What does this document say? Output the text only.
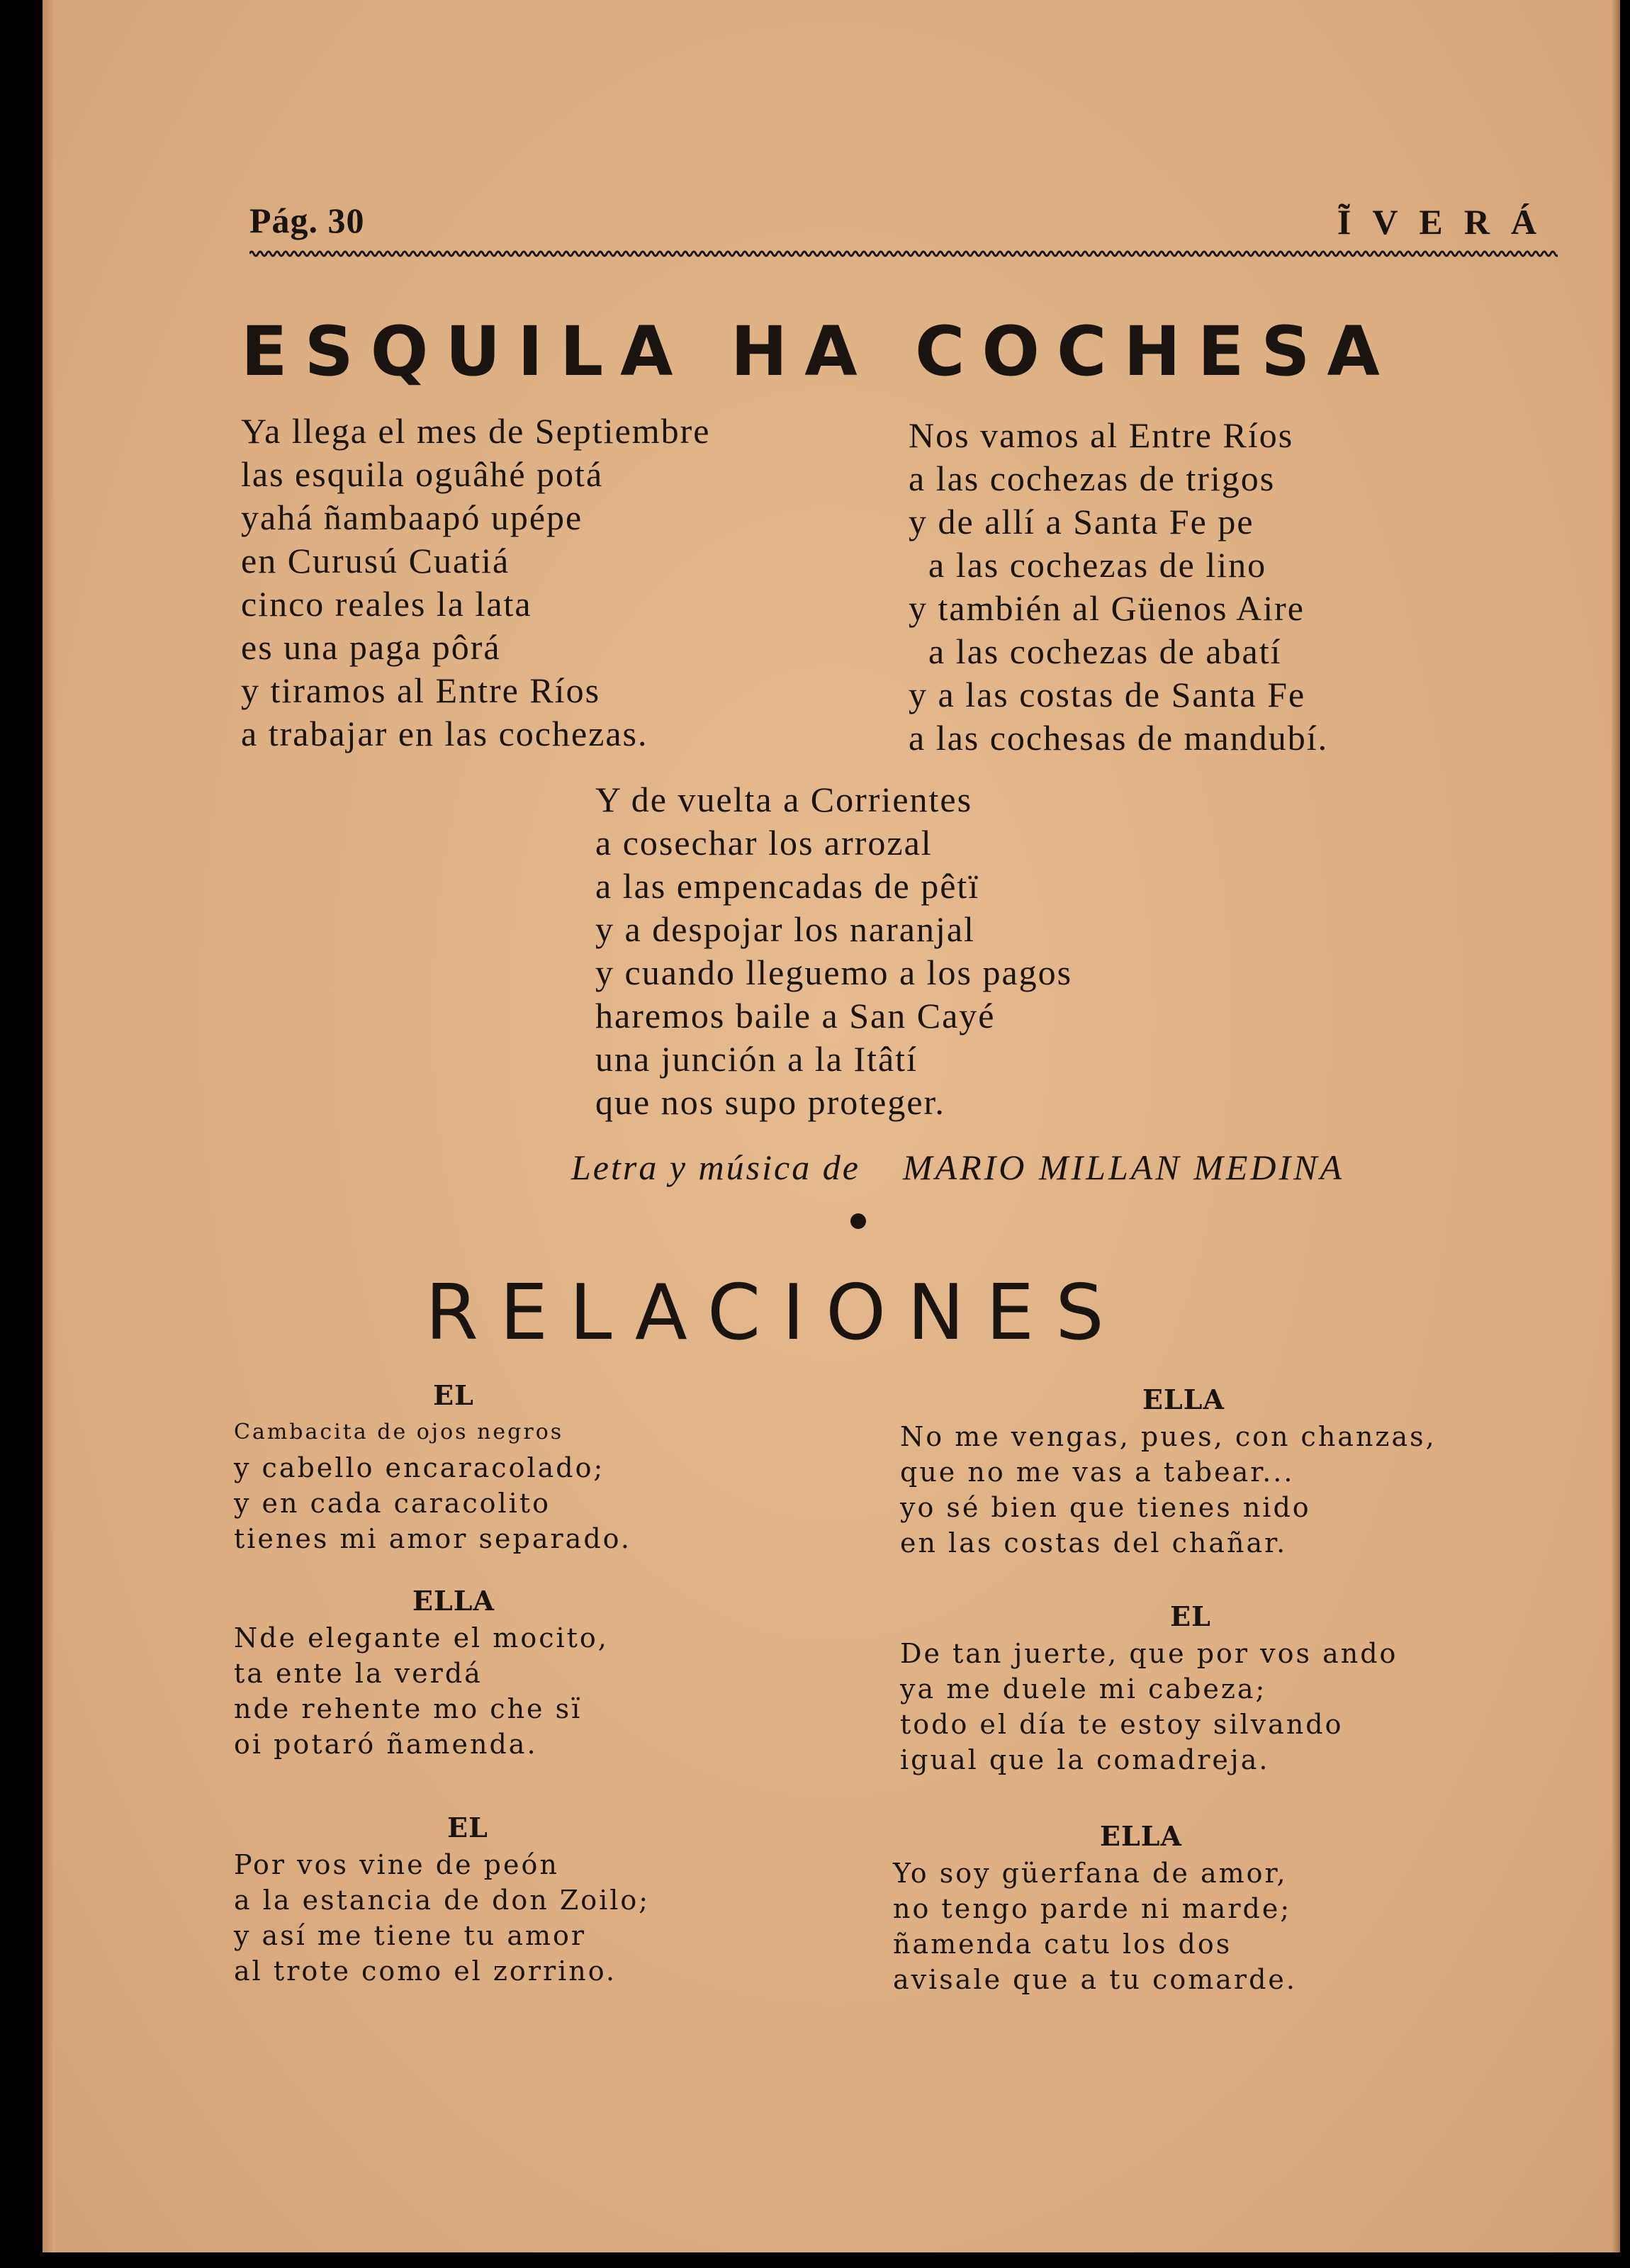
Pág. 30	ĨVERÁ
ESQUILA HA COCHESA
Ya llega el mes de Septiembre
las esquila oguâhé potá
yahá ñambaapó upépe
en Curusú Cuatiá
cinco reales la lata
es una paga pôrá
y tiramos al Entre Ríos
a trabajar en las cochezas.
Nos vamos al Entre Ríos
a las cochezas de trigos
y de allí a Santa Fe pe
a las cochezas de lino
y también al Güenos Aire
a las cochezas de abatí
y a las costas de Santa Fe
a las cochesas de mandubí.
Y de vuelta a Corrientes
a cosechar los arrozal
a las empencadas de pêtï
y a despojar los naranjal
y cuando lleguemo a los pagos
haremos baile a San Cayé
una junción a la Itâtí
que nos supo proteger.
Letra y música de MARIO MILLAN MEDINA
RELACIONES
EL
Cambacita de ojos negros
y cabello encaracolado;
y en cada caracolito
tienes mi amor separado.
ELLA
Nde elegante el mocito,
ta ente la verdá
nde rehente mo che sï
oi potaró ñamenda.
EL
Por vos vine de peón
a la estancia de don Zoilo;
y así me tiene tu amor
al trote como el zorrino.
ELLA
No me vengas, pues, con chanzas,
que no me vas a tabear...
yo sé bien que tienes nido
en las costas del chañar.
EL
De tan juerte, que por vos ando
ya me duele mi cabeza;
todo el día te estoy silvando
igual que la comadreja.
ELLA
Yo soy güerfana de amor,
no tengo parde ni marde;
ñamenda catu los dos
avisale que a tu comarde.
